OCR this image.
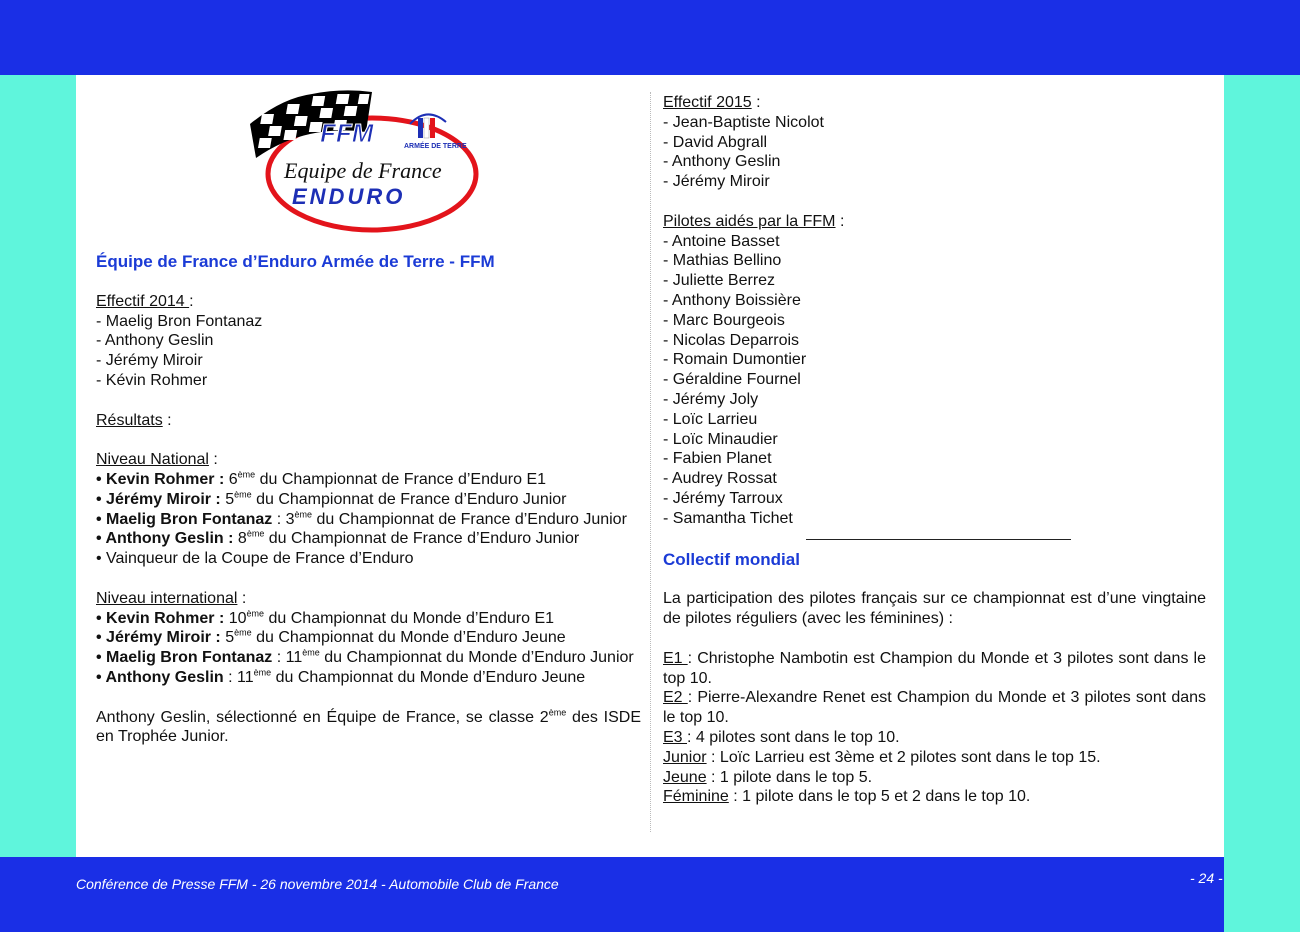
FFM	ARMÉE DE TERRE
Equipe de France
ENDURO
Équipe de France d’Enduro Armée de Terre - FFM
Effectif 2014 :
- Maelig Bron Fontanaz
- Anthony Geslin
- Jérémy Miroir
- Kévin Rohmer
Résultats :
Niveau National :
• Kevin Rohmer : 6ème du Championnat de France d’Enduro E1
• Jérémy Miroir : 5ème du Championnat de France d’Enduro Junior
• Maelig Bron Fontanaz : 3ème du Championnat de France d’Enduro Junior
• Anthony Geslin : 8ème du Championnat de France d’Enduro Junior
• Vainqueur de la Coupe de France d’Enduro
Niveau international :
• Kevin Rohmer : 10ème du Championnat du Monde d’Enduro E1
• Jérémy Miroir : 5ème du Championnat du Monde d’Enduro Jeune
• Maelig Bron Fontanaz : 11ème du Championnat du Monde d’Enduro Junior
• Anthony Geslin : 11ème du Championnat du Monde d’Enduro Jeune
Anthony Geslin, sélectionné en Équipe de France, se classe 2ème des ISDE en Trophée Junior.
Effectif 2015 :
- Jean-Baptiste Nicolot
- David Abgrall
- Anthony Geslin
- Jérémy Miroir
Pilotes aidés par la FFM :
- Antoine Basset
- Mathias Bellino
- Juliette Berrez
- Anthony Boissière
- Marc Bourgeois
- Nicolas Deparrois
- Romain Dumontier
- Géraldine Fournel
- Jérémy Joly
- Loïc Larrieu
- Loïc Minaudier
- Fabien Planet
- Audrey Rossat
- Jérémy Tarroux
- Samantha Tichet
Collectif mondial
La participation des pilotes français sur ce championnat est d’une vingtaine de pilotes réguliers (avec les féminines) :
E1 : Christophe Nambotin est Champion du Monde et 3 pilotes sont dans le top 10.
E2 : Pierre-Alexandre Renet est Champion du Monde et 3 pilotes sont dans le top 10.
E3 : 4 pilotes sont dans le top 10.
Junior : Loïc Larrieu est 3ème et 2 pilotes sont dans le top 15.
Jeune : 1 pilote dans le top 5.
Féminine : 1 pilote dans le top 5 et 2 dans le top 10.
Conférence de Presse FFM - 26 novembre 2014 - Automobile Club de France	- 24 -
